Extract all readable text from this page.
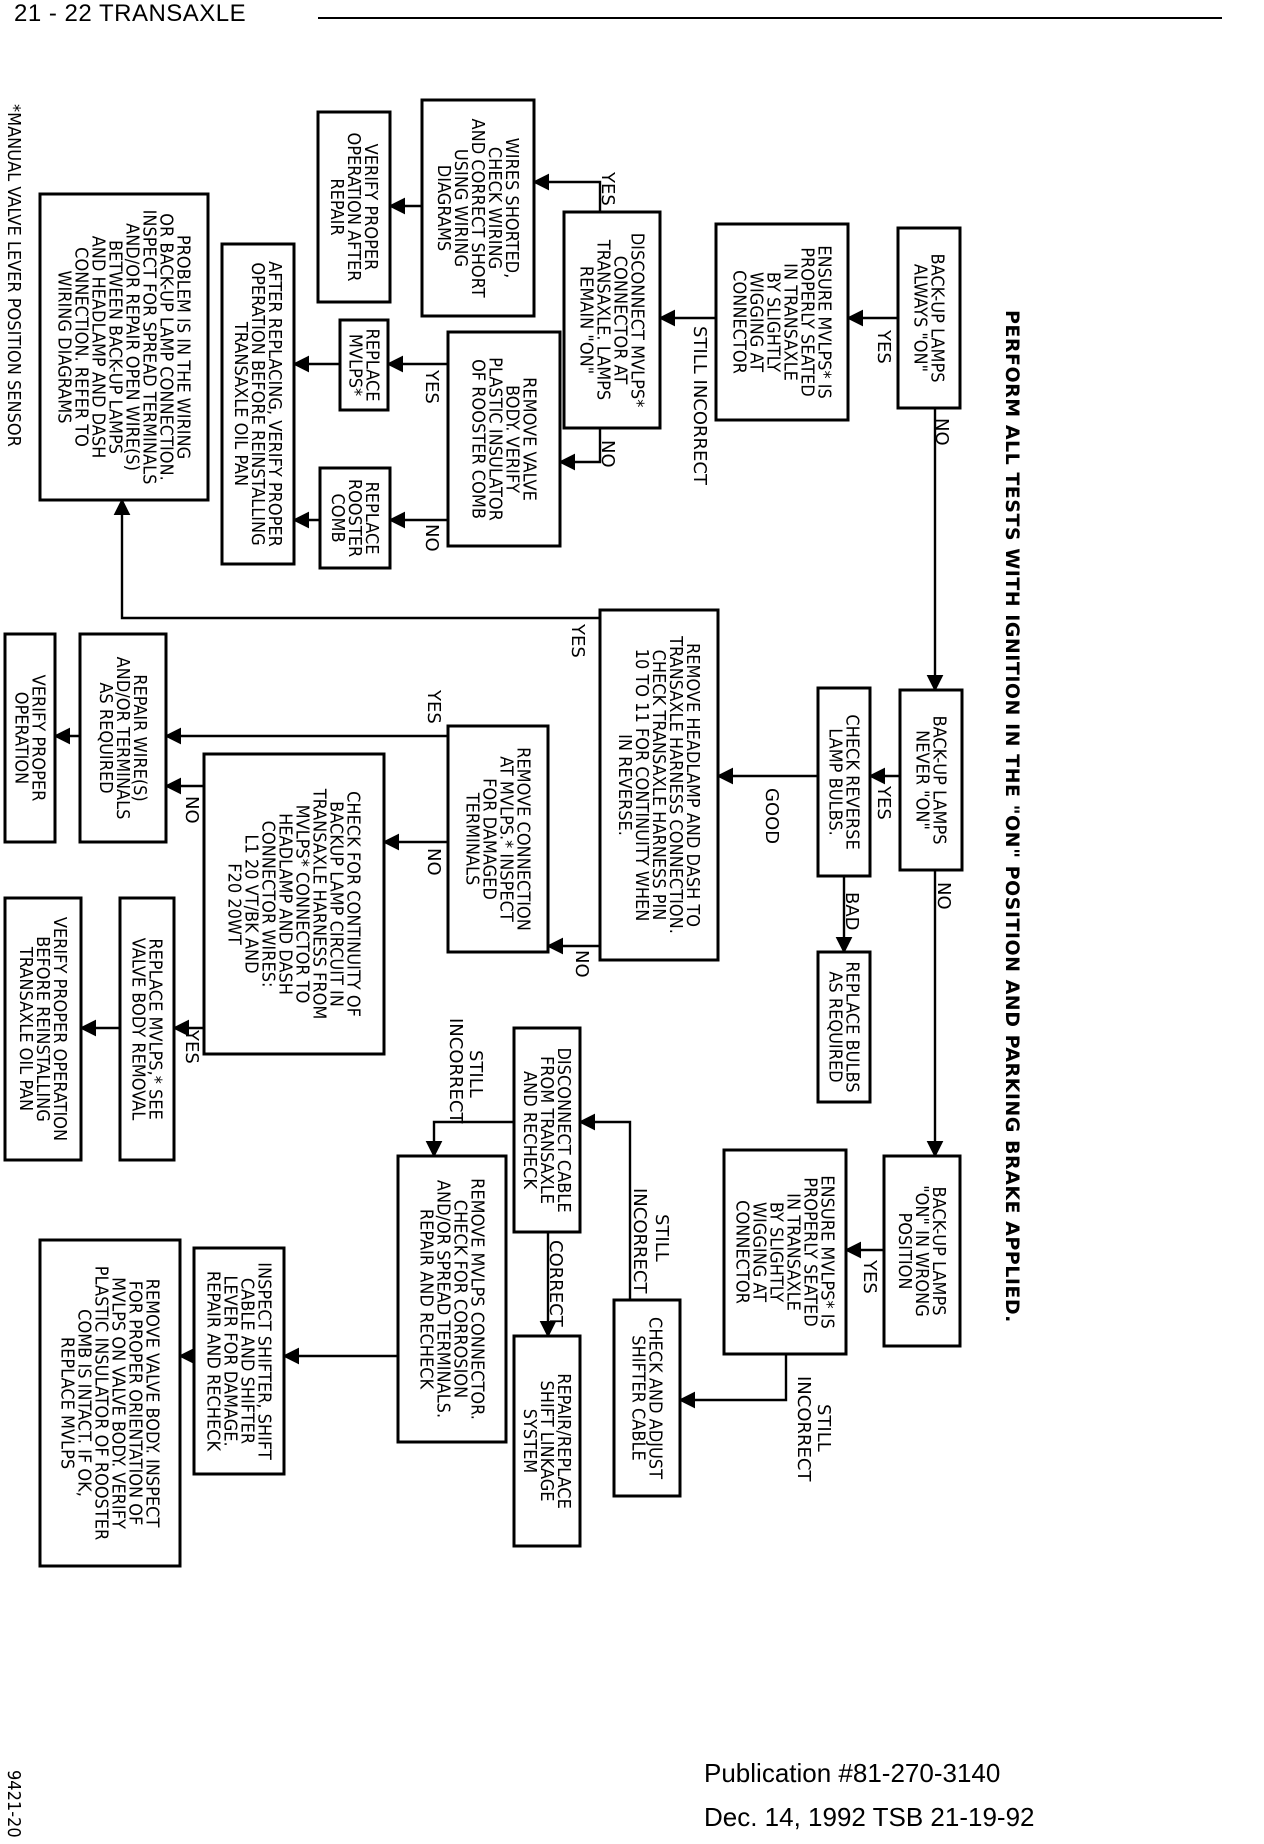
21 - 22 TRANSAXLE
BACK-UP LAMPSALWAYS "ON"
ENSURE MVLPS* ISPROPERLY SEATEDIN TRANSAXLEBY SLIGHTLYWIGGING ATCONNECTOR
DISCONNECT MVLPS*CONNECTOR ATTRANSAXLE. LAMPSREMAIN "ON"
WIRES SHORTED,CHECK WIRINGAND CORRECT SHORTUSING WIRINGDIAGRAMS
VERIFY PROPEROPERATION AFTERREPAIR
REMOVE VALVEBODY. VERIFYPLASTIC INSULATOROF ROOSTER COMB
REPLACEMVLPS*
REPLACEROOSTERCOMB
AFTER REPLACING, VERIFY PROPEROPERATION BEFORE REINSTALLINGTRANSAXLE OIL PAN
PROBLEM IS IN THE WIRINGOR BACK-UP LAMP CONNECTION.INSPECT FOR SPREAD TERMINALSAND/OR REPAIR OPEN WIRE(S)BETWEEN BACK-UP LAMPSAND HEADLAMP AND DASHCONNECTION. REFER TOWIRING DIAGRAMS
BACK-UP LAMPSNEVER "ON"
CHECK REVERSELAMP BULBS.
REPLACE BULBSAS REQUIRED
REMOVE HEADLAMP AND DASH TOTRANSAXLE HARNESS CONNECTION.CHECK TRANSAXLE HARNESS PIN10 TO 11 FOR CONTINUITY WHENIN REVERSE.
REMOVE CONNECTIONAT MVLPS.* INSPECTFOR DAMAGEDTERMINALS
REPAIR WIRE(S)AND/OR TERMINALSAS REQUIRED
VERIFY PROPEROPERATION
CHECK FOR CONTINUITY OFBACKUP LAMP CIRCUIT INTRANSAXLE HARNESS FROMMVLPS* CONNECTOR TOHEADLAMP AND DASHCONNECTOR WIRES:L1 20 VT/BK ANDF20 20WT
REPLACE MVLPS,* SEEVALVE BODY REMOVAL
VERIFY PROPER OPERATIONBEFORE REINSTALLINGTRANSAXLE OIL PAN
BACK-UP LAMPS"ON" IN WRONGPOSITION
ENSURE MVLPS* ISPROPERLY SEATEDIN TRANSAXLEBY SLIGHTLYWIGGING ATCONNECTOR
CHECK AND ADJUSTSHIFTER CABLE
DISCONNECT CABLEFROM TRANSAXLEAND RECHECK
REPAIR/REPLACESHIFT LINKAGESYSTEM
REMOVE MVLPS CONNECTOR.CHECK FOR CORROSIONAND/OR SPREAD TERMINALS.REPAIR AND RECHECK
INSPECT SHIFTER, SHIFTCABLE AND SHIFTERLEVER FOR DAMAGE.REPAIR AND RECHECK
REMOVE VALVE BODY. INSPECTFOR PROPER ORIENTATION OFMVLPS ON VALVE BODY. VERIFYPLASTIC INSULATOR OF ROOSTERCOMB IS INTACT. IF OK,REPLACE MVLPS
YES
NO
STILL INCORRECT
YES
NO
YES
NO
YES
YES
NO
GOOD
BAD
NO
YES
NO
NO
YES
YES
STILL
INCORRECT
STILL
INCORRECT
CORRECT
STILL
INCORRECT	PERFORM ALL TESTS WITH IGNITION IN THE "ON" POSITION AND PARKING BRAKE APPLIED.
*MANUAL VALVE LEVER POSITION SENSOR
9421-20	Publication #81-270-3140
Dec. 14, 1992 TSB 21-19-92
